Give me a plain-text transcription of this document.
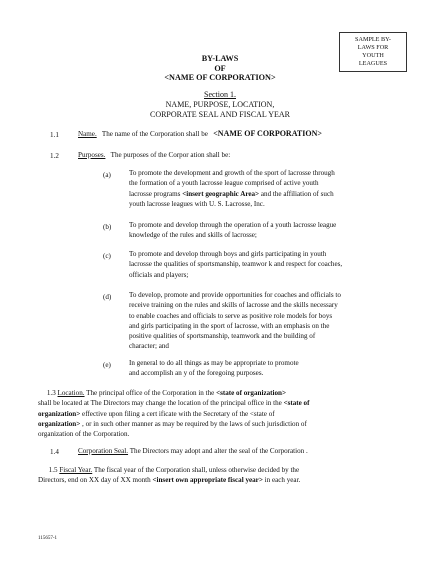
SAMPLE BY-
LAWS FOR
YOUTH
LEAGUES
BY-LAWS
OF
<NAME OF CORPORATION>
Section 1.
NAME, PURPOSE, LOCATION,
CORPORATE SEAL AND FISCAL YEAR
1.1	Name. The name of the Corporation shall be <NAME OF CORPORATION>
1.2	Purposes. The purposes of the Corpor ation shall be:
(a)	To promote the development and growth of the sport of lacrosse through
the formation of a youth lacrosse league comprised of active youth
lacrosse programs <insert geographic Area> and the affiliation of such
youth lacrosse leagues with U. S. Lacrosse, Inc.
(b) To promote and develop through the operation of a youth lacrosse league
knowledge of the rules and skills of lacrosse;
(c)	To promote and develop through boys and girls participating in youth
lacrosse the qualities of sportsmanship, teamwor k and respect for coaches,
officials and players;
(d) To develop, promote and provide opportunities for coaches and officials to
receive training on the rules and skills of lacrosse and the skills necessary
to enable coaches and officials to serve as positive role models for boys
and girls participating in the sport of lacrosse, with an emphasis on the
positive qualities of sportsmanship, teamwork and the building of
character; and
(e)	In general to do all things as may be appropriate to promote
and accomplish an y of the foregoing purposes.
1.3 Location. The principal office of the Corporation in the <state of organization>
shall be located at The Directors may change the location of the principal office in the <state of
organization> effective upon filing a cert ificate with the Secretary of the <state of
organization> , or in such other manner as may be required by the laws of such jurisdiction of
organization of the Corporation.
1.4	Corporation Seal. The Directors may adopt and alter the seal of the Corporation .
1.5 Fiscal Year. The fiscal year of the Corporation shall, unless otherwise decided by the
Directors, end on XX day of XX month <insert own appropriate fiscal year> in each year.
115657-1
